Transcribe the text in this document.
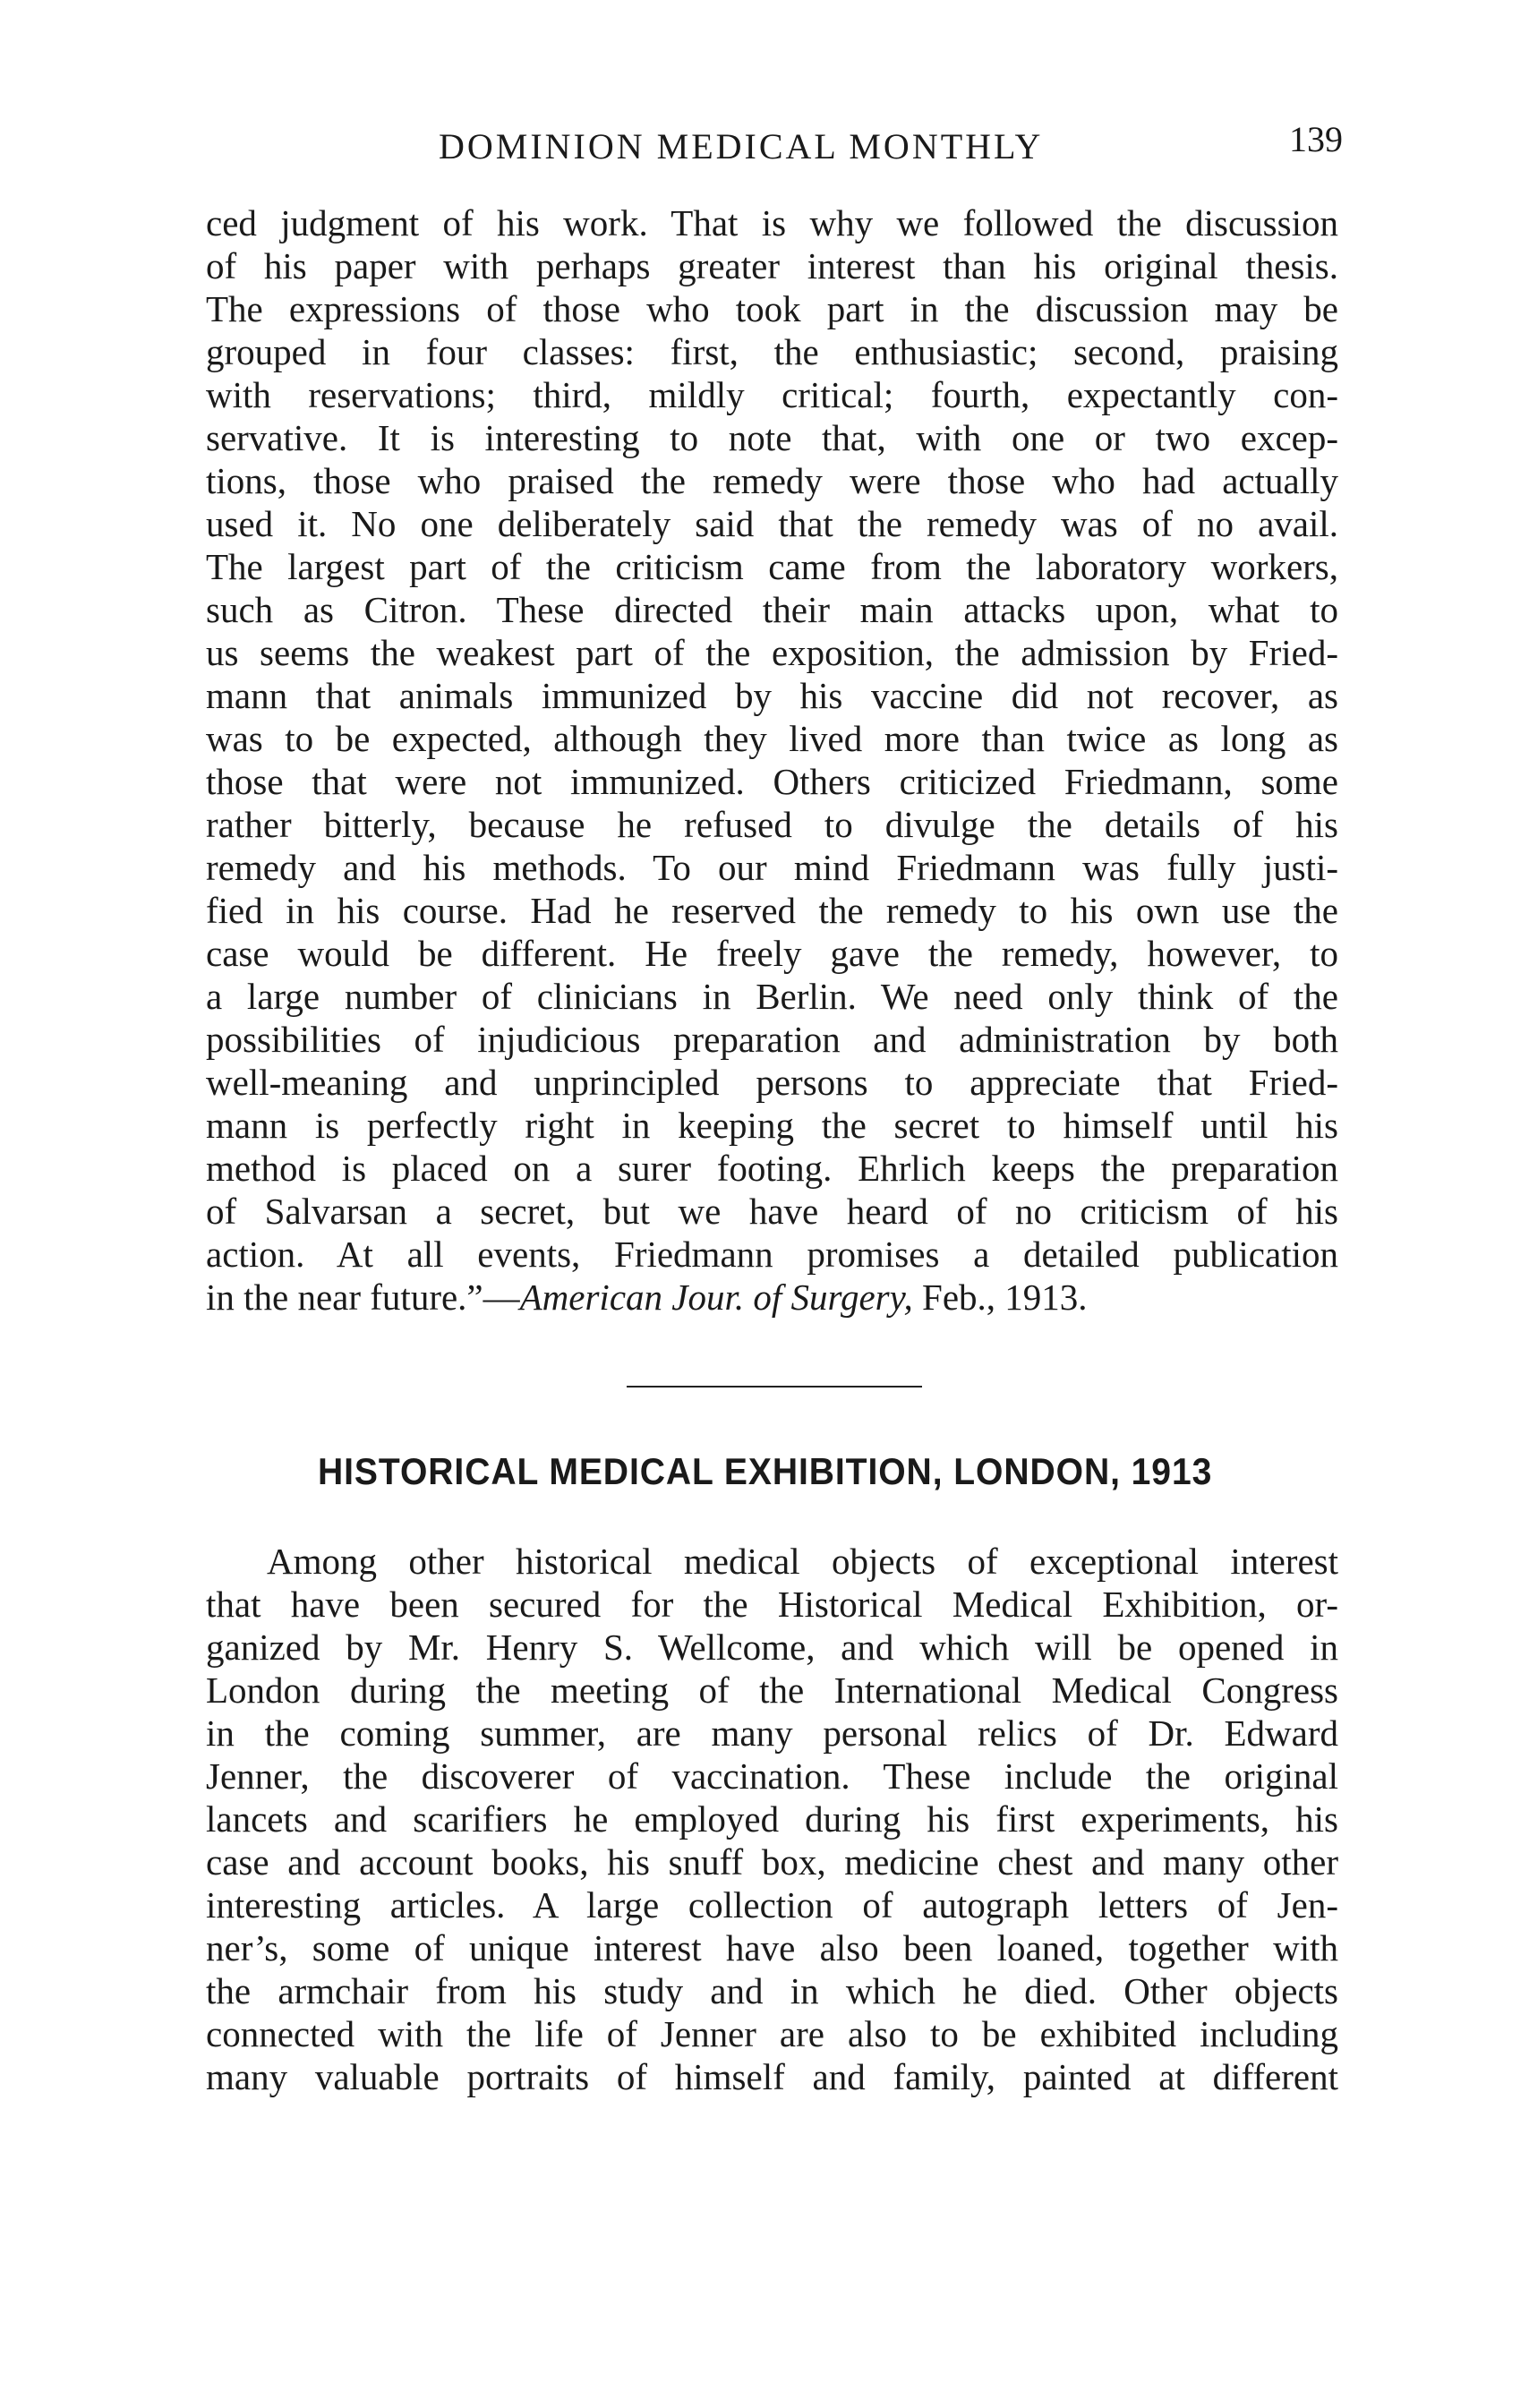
DOMINION MEDICAL MONTHLY	139
ced judgment of his work. That is why we followed the discussion
of his paper with perhaps greater interest than his original thesis.
The expressions of those who took part in the discussion may be
grouped in four classes: first, the enthusiastic; second, praising
with reservations; third, mildly critical; fourth, expectantly con-
servative. It is interesting to note that, with one or two excep-
tions, those who praised the remedy were those who had actually
used it. No one deliberately said that the remedy was of no avail.
The largest part of the criticism came from the laboratory workers,
such as Citron. These directed their main attacks upon, what to
us seems the weakest part of the exposition, the admission by Fried-
mann that animals immunized by his vaccine did not recover, as
was to be expected, although they lived more than twice as long as
those that were not immunized. Others criticized Friedmann, some
rather bitterly, because he refused to divulge the details of his
remedy and his methods. To our mind Friedmann was fully justi-
fied in his course. Had he reserved the remedy to his own use the
case would be different. He freely gave the remedy, however, to
a large number of clinicians in Berlin. We need only think of the
possibilities of injudicious preparation and administration by both
well-meaning and unprincipled persons to appreciate that Fried-
mann is perfectly right in keeping the secret to himself until his
method is placed on a surer footing. Ehrlich keeps the preparation
of Salvarsan a secret, but we have heard of no criticism of his
action. At all events, Friedmann promises a detailed publication
in the near future.”—American Jour. of Surgery, Feb., 1913.
HISTORICAL MEDICAL EXHIBITION, LONDON, 1913
Among other historical medical objects of exceptional interest
that have been secured for the Historical Medical Exhibition, or-
ganized by Mr. Henry S. Wellcome, and which will be opened in
London during the meeting of the International Medical Congress
in the coming summer, are many personal relics of Dr. Edward
Jenner, the discoverer of vaccination. These include the original
lancets and scarifiers he employed during his first experiments, his
case and account books, his snuff box, medicine chest and many other
interesting articles. A large collection of autograph letters of Jen-
ner’s, some of unique interest have also been loaned, together with
the armchair from his study and in which he died. Other objects
connected with the life of Jenner are also to be exhibited including
many valuable portraits of himself and family, painted at different
